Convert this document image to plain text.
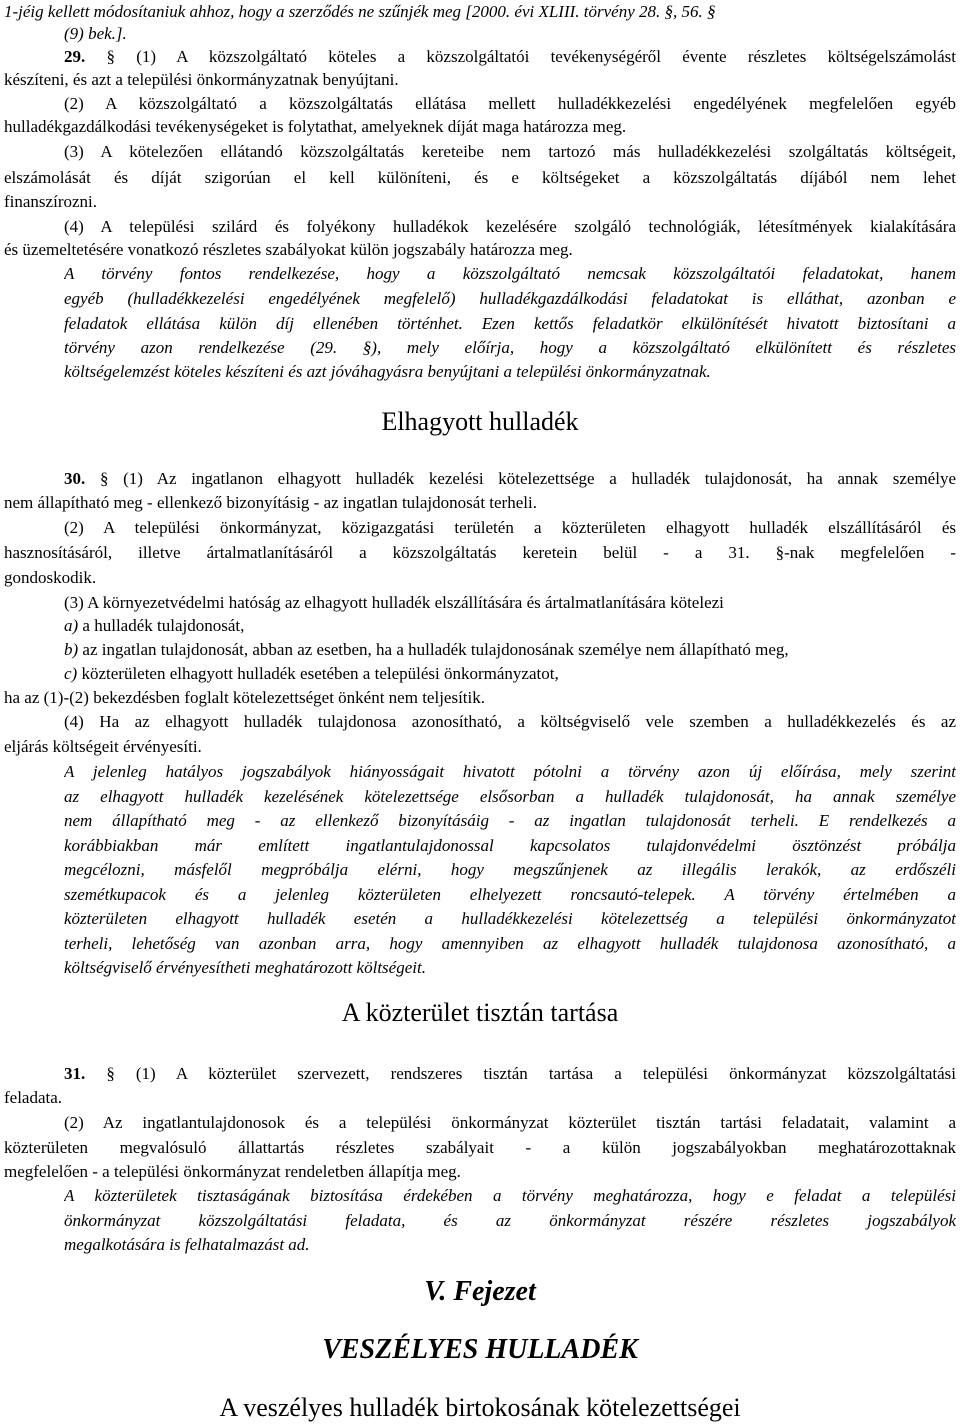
1-jéig kellett módosítaniuk ahhoz, hogy a szerződés ne szűnjék meg [2000. évi XLIII. törvény 28. §, 56. §
(9) bek.].
29. § (1) A közszolgáltató köteles a közszolgáltatói tevékenységéről évente részletes költségelszámolást
készíteni, és azt a települési önkormányzatnak benyújtani.
(2) A közszolgáltató a közszolgáltatás ellátása mellett hulladékkezelési engedélyének megfelelően egyéb
hulladékgazdálkodási tevékenységeket is folytathat, amelyeknek díját maga határozza meg.
(3) A kötelezően ellátandó közszolgáltatás kereteibe nem tartozó más hulladékkezelési szolgáltatás költségeit,
elszámolását és díját szigorúan el kell különíteni, és e költségeket a közszolgáltatás díjából nem lehet
finanszírozni.
(4) A települési szilárd és folyékony hulladékok kezelésére szolgáló technológiák, létesítmények kialakítására
és üzemeltetésére vonatkozó részletes szabályokat külön jogszabály határozza meg.
A törvény fontos rendelkezése, hogy a közszolgáltató nemcsak közszolgáltatói feladatokat, hanem
egyéb (hulladékkezelési engedélyének megfelelő) hulladékgazdálkodási feladatokat is elláthat, azonban e
feladatok ellátása külön díj ellenében történhet. Ezen kettős feladatkör elkülönítését hivatott biztosítani a
törvény azon rendelkezése (29. §), mely előírja, hogy a közszolgáltató elkülönített és részletes
költségelemzést köteles készíteni és azt jóváhagyásra benyújtani a települési önkormányzatnak.
30. § (1) Az ingatlanon elhagyott hulladék kezelési kötelezettsége a hulladék tulajdonosát, ha annak személye
nem állapítható meg - ellenkező bizonyításig - az ingatlan tulajdonosát terheli.
(2) A települési önkormányzat, közigazgatási területén a közterületen elhagyott hulladék elszállításáról és
hasznosításáról, illetve ártalmatlanításáról a közszolgáltatás keretein belül - a 31. §-nak megfelelően -
gondoskodik.
(3) A környezetvédelmi hatóság az elhagyott hulladék elszállítására és ártalmatlanítására kötelezi
a) a hulladék tulajdonosát,
b) az ingatlan tulajdonosát, abban az esetben, ha a hulladék tulajdonosának személye nem állapítható meg,
c) közterületen elhagyott hulladék esetében a települési önkormányzatot,
ha az (1)-(2) bekezdésben foglalt kötelezettséget önként nem teljesítik.
(4) Ha az elhagyott hulladék tulajdonosa azonosítható, a költségviselő vele szemben a hulladékkezelés és az
eljárás költségeit érvényesíti.
A jelenleg hatályos jogszabályok hiányosságait hivatott pótolni a törvény azon új előírása, mely szerint
az elhagyott hulladék kezelésének kötelezettsége elsősorban a hulladék tulajdonosát, ha annak személye
nem állapítható meg - az ellenkező bizonyításáig - az ingatlan tulajdonosát terheli. E rendelkezés a
korábbiakban már említett ingatlantulajdonossal kapcsolatos tulajdonvédelmi ösztönzést próbálja
megcélozni, másfelől megpróbálja elérni, hogy megszűnjenek az illegális lerakók, az erdőszéli
szemétkupacok és a jelenleg közterületen elhelyezett roncsautó-telepek. A törvény értelmében a
közterületen elhagyott hulladék esetén a hulladékkezelési kötelezettség a települési önkormányzatot
terheli, lehetőség van azonban arra, hogy amennyiben az elhagyott hulladék tulajdonosa azonosítható, a
költségviselő érvényesítheti meghatározott költségeit.
31. § (1) A közterület szervezett, rendszeres tisztán tartása a települési önkormányzat közszolgáltatási
feladata.
(2) Az ingatlantulajdonosok és a települési önkormányzat közterület tisztán tartási feladatait, valamint a
közterületen megvalósuló állattartás részletes szabályait - a külön jogszabályokban meghatározottaknak
megfelelően - a települési önkormányzat rendeletben állapítja meg.
A közterületek tisztaságának biztosítása érdekében a törvény meghatározza, hogy e feladat a települési
önkormányzat közszolgáltatási feladata, és az önkormányzat részére részletes jogszabályok
megalkotására is felhatalmazást ad.
Elhagyott hulladék
A közterület tisztán tartása
V. Fejezet
VESZÉLYES HULLADÉK
A veszélyes hulladék birtokosának kötelezettségei
